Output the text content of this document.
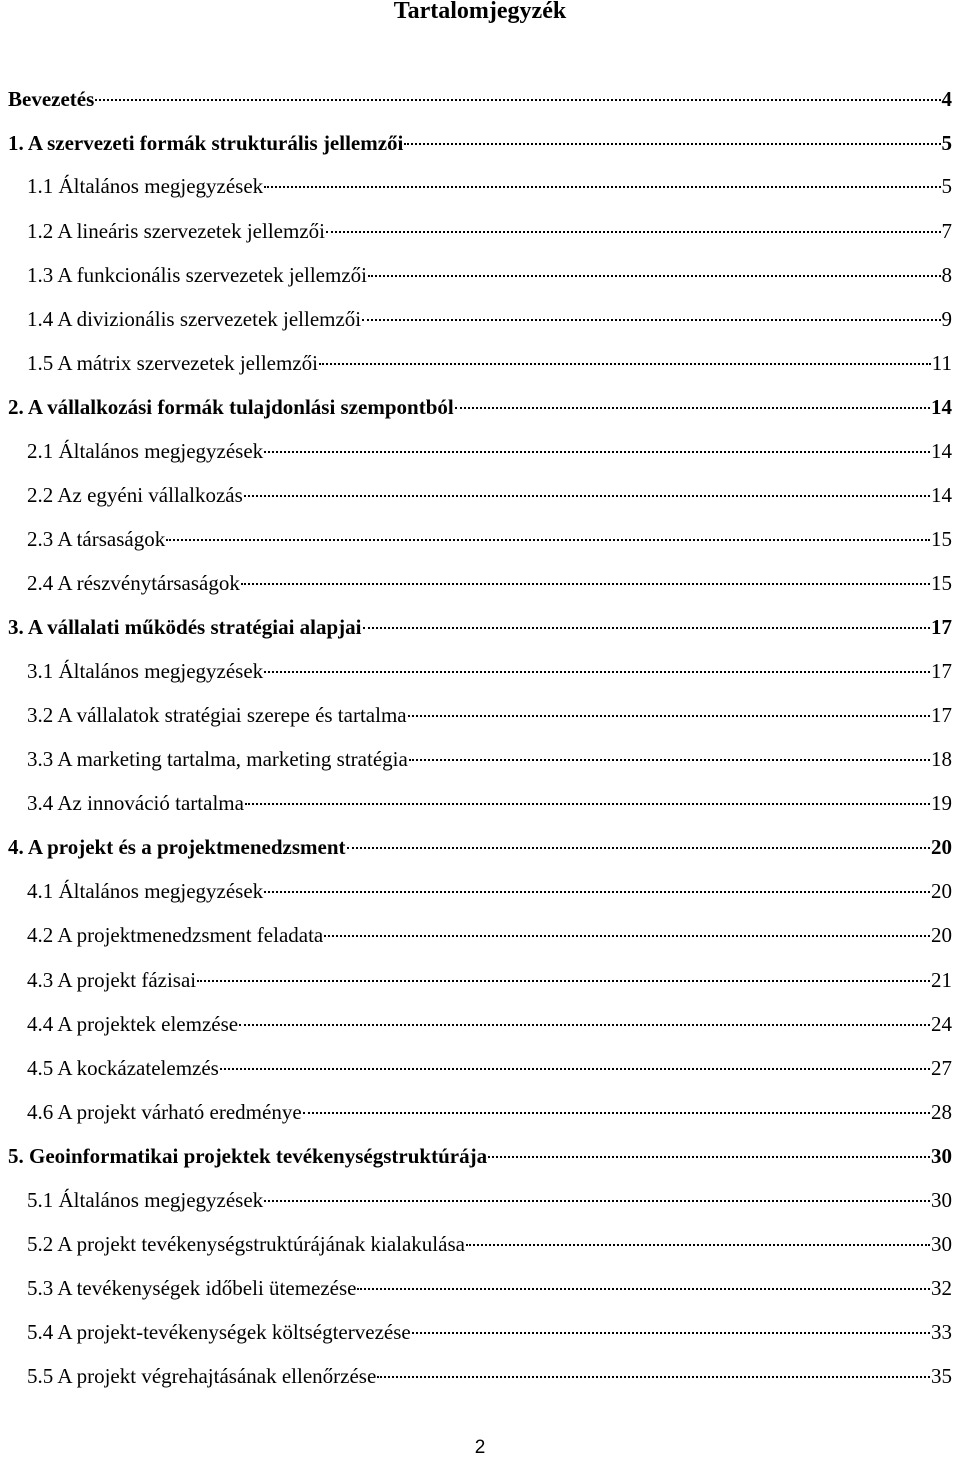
Tartalomjegyzék
Bevezetés	4
1. A szervezeti formák strukturális jellemzői	5
1.1 Általános megjegyzések	5
1.2 A lineáris szervezetek jellemzői	7
1.3 A funkcionális szervezetek jellemzői	8
1.4 A divizionális szervezetek jellemzői	9
1.5 A mátrix szervezetek jellemzői	11
2. A vállalkozási formák tulajdonlási szempontból	14
2.1 Általános megjegyzések	14
2.2 Az egyéni vállalkozás	14
2.3 A társaságok	15
2.4 A részvénytársaságok	15
3. A vállalati működés stratégiai alapjai	17
3.1 Általános megjegyzések	17
3.2 A vállalatok stratégiai szerepe és tartalma	17
3.3 A marketing tartalma, marketing stratégia	18
3.4 Az innováció tartalma	19
4. A projekt és a projektmenedzsment	20
4.1 Általános megjegyzések	20
4.2 A projektmenedzsment feladata	20
4.3 A projekt fázisai	21
4.4 A projektek elemzése	24
4.5 A kockázatelemzés	27
4.6 A projekt várható eredménye	28
5. Geoinformatikai projektek tevékenységstruktúrája	30
5.1 Általános megjegyzések	30
5.2 A projekt tevékenységstruktúrájának kialakulása	30
5.3 A tevékenységek időbeli ütemezése	32
5.4 A projekt-tevékenységek költségtervezése	33
5.5 A projekt végrehajtásának ellenőrzése	35
2
